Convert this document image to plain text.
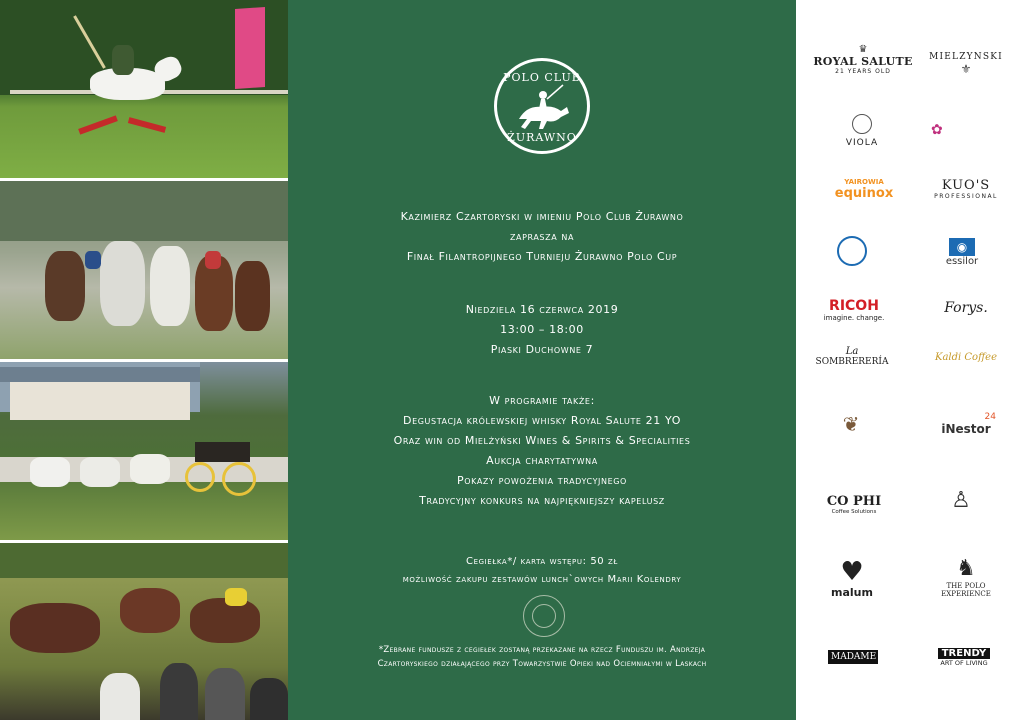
POLO CLUB
ŻURAWNO
Kazimierz Czartoryski w imieniu Polo Club Żurawno
zaprasza na
Finał Filantropijnego Turnieju Żurawno Polo Cup
Niedziela 16 czerwca 2019
13:00 – 18:00
Piaski Duchowne 7
W programie także:
Degustacja królewskiej whisky Royal Salute 21 YO
Oraz win od Mielżyński Wines & Spirits & Specialities
Aukcja charytatywna
Pokazy powożenia tradycyjnego
Tradycyjny konkurs na najpiękniejszy kapelusz
Cegiełka*/ karta wstępu: 50 zł
możliwość zakupu zestawów lunch`owych Marii Kolendry
*Zebrane fundusze z cegiełek zostaną przekazane na rzecz Funduszu im. Andrzeja
Czartoryskiego działającego przy Towarzystwie Opieki nad Ociemniałymi w Laskach
♛
ROYAL SALUTE
21 YEARS OLD
MIELŻYŃSKI
⚜
VIOLA
✿
YAIROWIA
equinox
KUO'S
PROFESSIONAL
◉
essilor
RICOH
imagine. change.
Forys.
La
SOMBRERERÍA	Kaldi Coffee
❦	24
iNestor
CO PHI
Coffee Solutions	♙
♥
malum
♞
THE POLO
EXPERIENCE
MADAME	TRENDY
ART OF LIVING
